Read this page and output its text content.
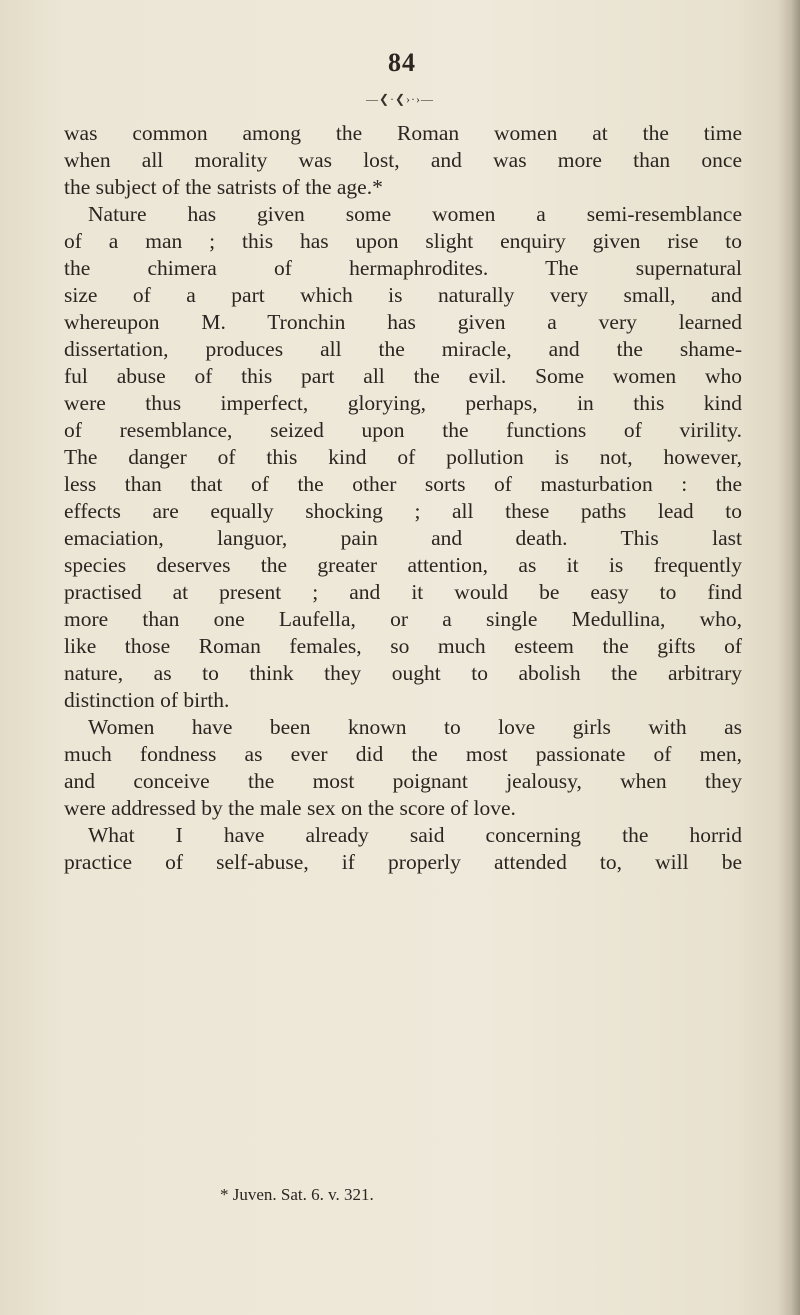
84
—❮·❮›·›—
was common among the Roman women at the time
when all morality was lost, and was more than once
the subject of the satrists of the age.*
Nature has given some women a semi-resemblance
of a man ; this has upon slight enquiry given rise to
the chimera of hermaphrodites. The supernatural
size of a part which is naturally very small, and
whereupon M. Tronchin has given a very learned
dissertation, produces all the miracle, and the shame-
ful abuse of this part all the evil. Some women who
were thus imperfect, glorying, perhaps, in this kind
of resemblance, seized upon the functions of virility.
The danger of this kind of pollution is not, however,
less than that of the other sorts of masturbation : the
effects are equally shocking ; all these paths lead to
emaciation, languor, pain and death. This last
species deserves the greater attention, as it is frequently
practised at present ; and it would be easy to find
more than one Laufella, or a single Medullina, who,
like those Roman females, so much esteem the gifts of
nature, as to think they ought to abolish the arbitrary
distinction of birth.
Women have been known to love girls with as
much fondness as ever did the most passionate of men,
and conceive the most poignant jealousy, when they
were addressed by the male sex on the score of love.
What I have already said concerning the horrid
practice of self-abuse, if properly attended to, will be
* Juven. Sat. 6. v. 321.
